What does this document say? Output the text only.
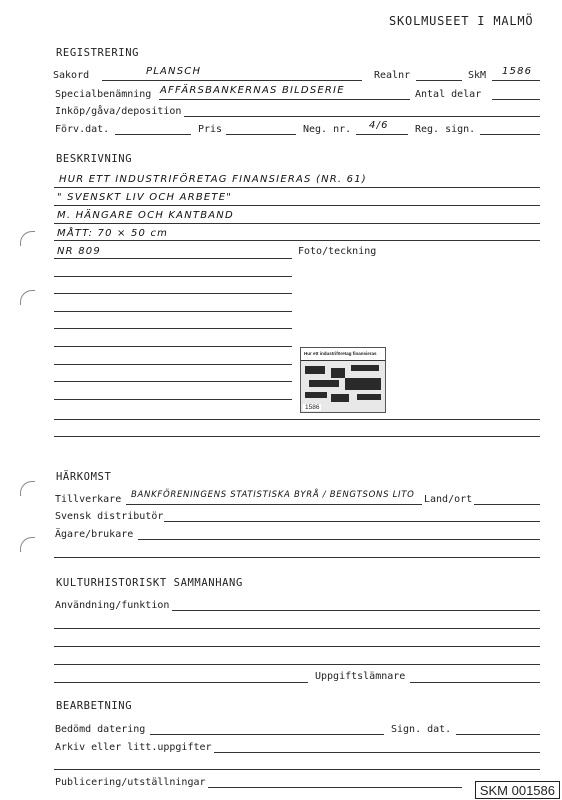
SKOLMUSEET I MALMÖ
REGISTRERING
Sakord	PLANSCH	Realnr	SkM 1586
Specialbenämning AFFÄRSBANKERNAS BILDSERIE	Antal delar
Inköp/gåva/deposition
Förv.dat.	Pris	Neg. nr. 4/6	Reg. sign.
BESKRIVNING
HUR ETT INDUSTRIFÖRETAG FINANSIERAS (NR. 61)
" SVENSKT LIV OCH ARBETE"
M. HÄNGARE OCH KANTBAND
MÅTT: 70 × 50 cm
NR 809	Foto/teckning
Hur ett industriföretag finansieras
1586
HÄRKOMST
Tillverkare BANKFÖRENINGENS STATISTISKA BYRÅ / BENGTSONS LITO Land/ort
Svensk distributör
Ägare/brukare
KULTURHISTORISKT SAMMANHANG
Användning/funktion
Uppgiftslämnare
BEARBETNING
Bedömd datering	Sign. dat.
Arkiv eller litt.uppgifter
Publicering/utställningar
SKM 001586
